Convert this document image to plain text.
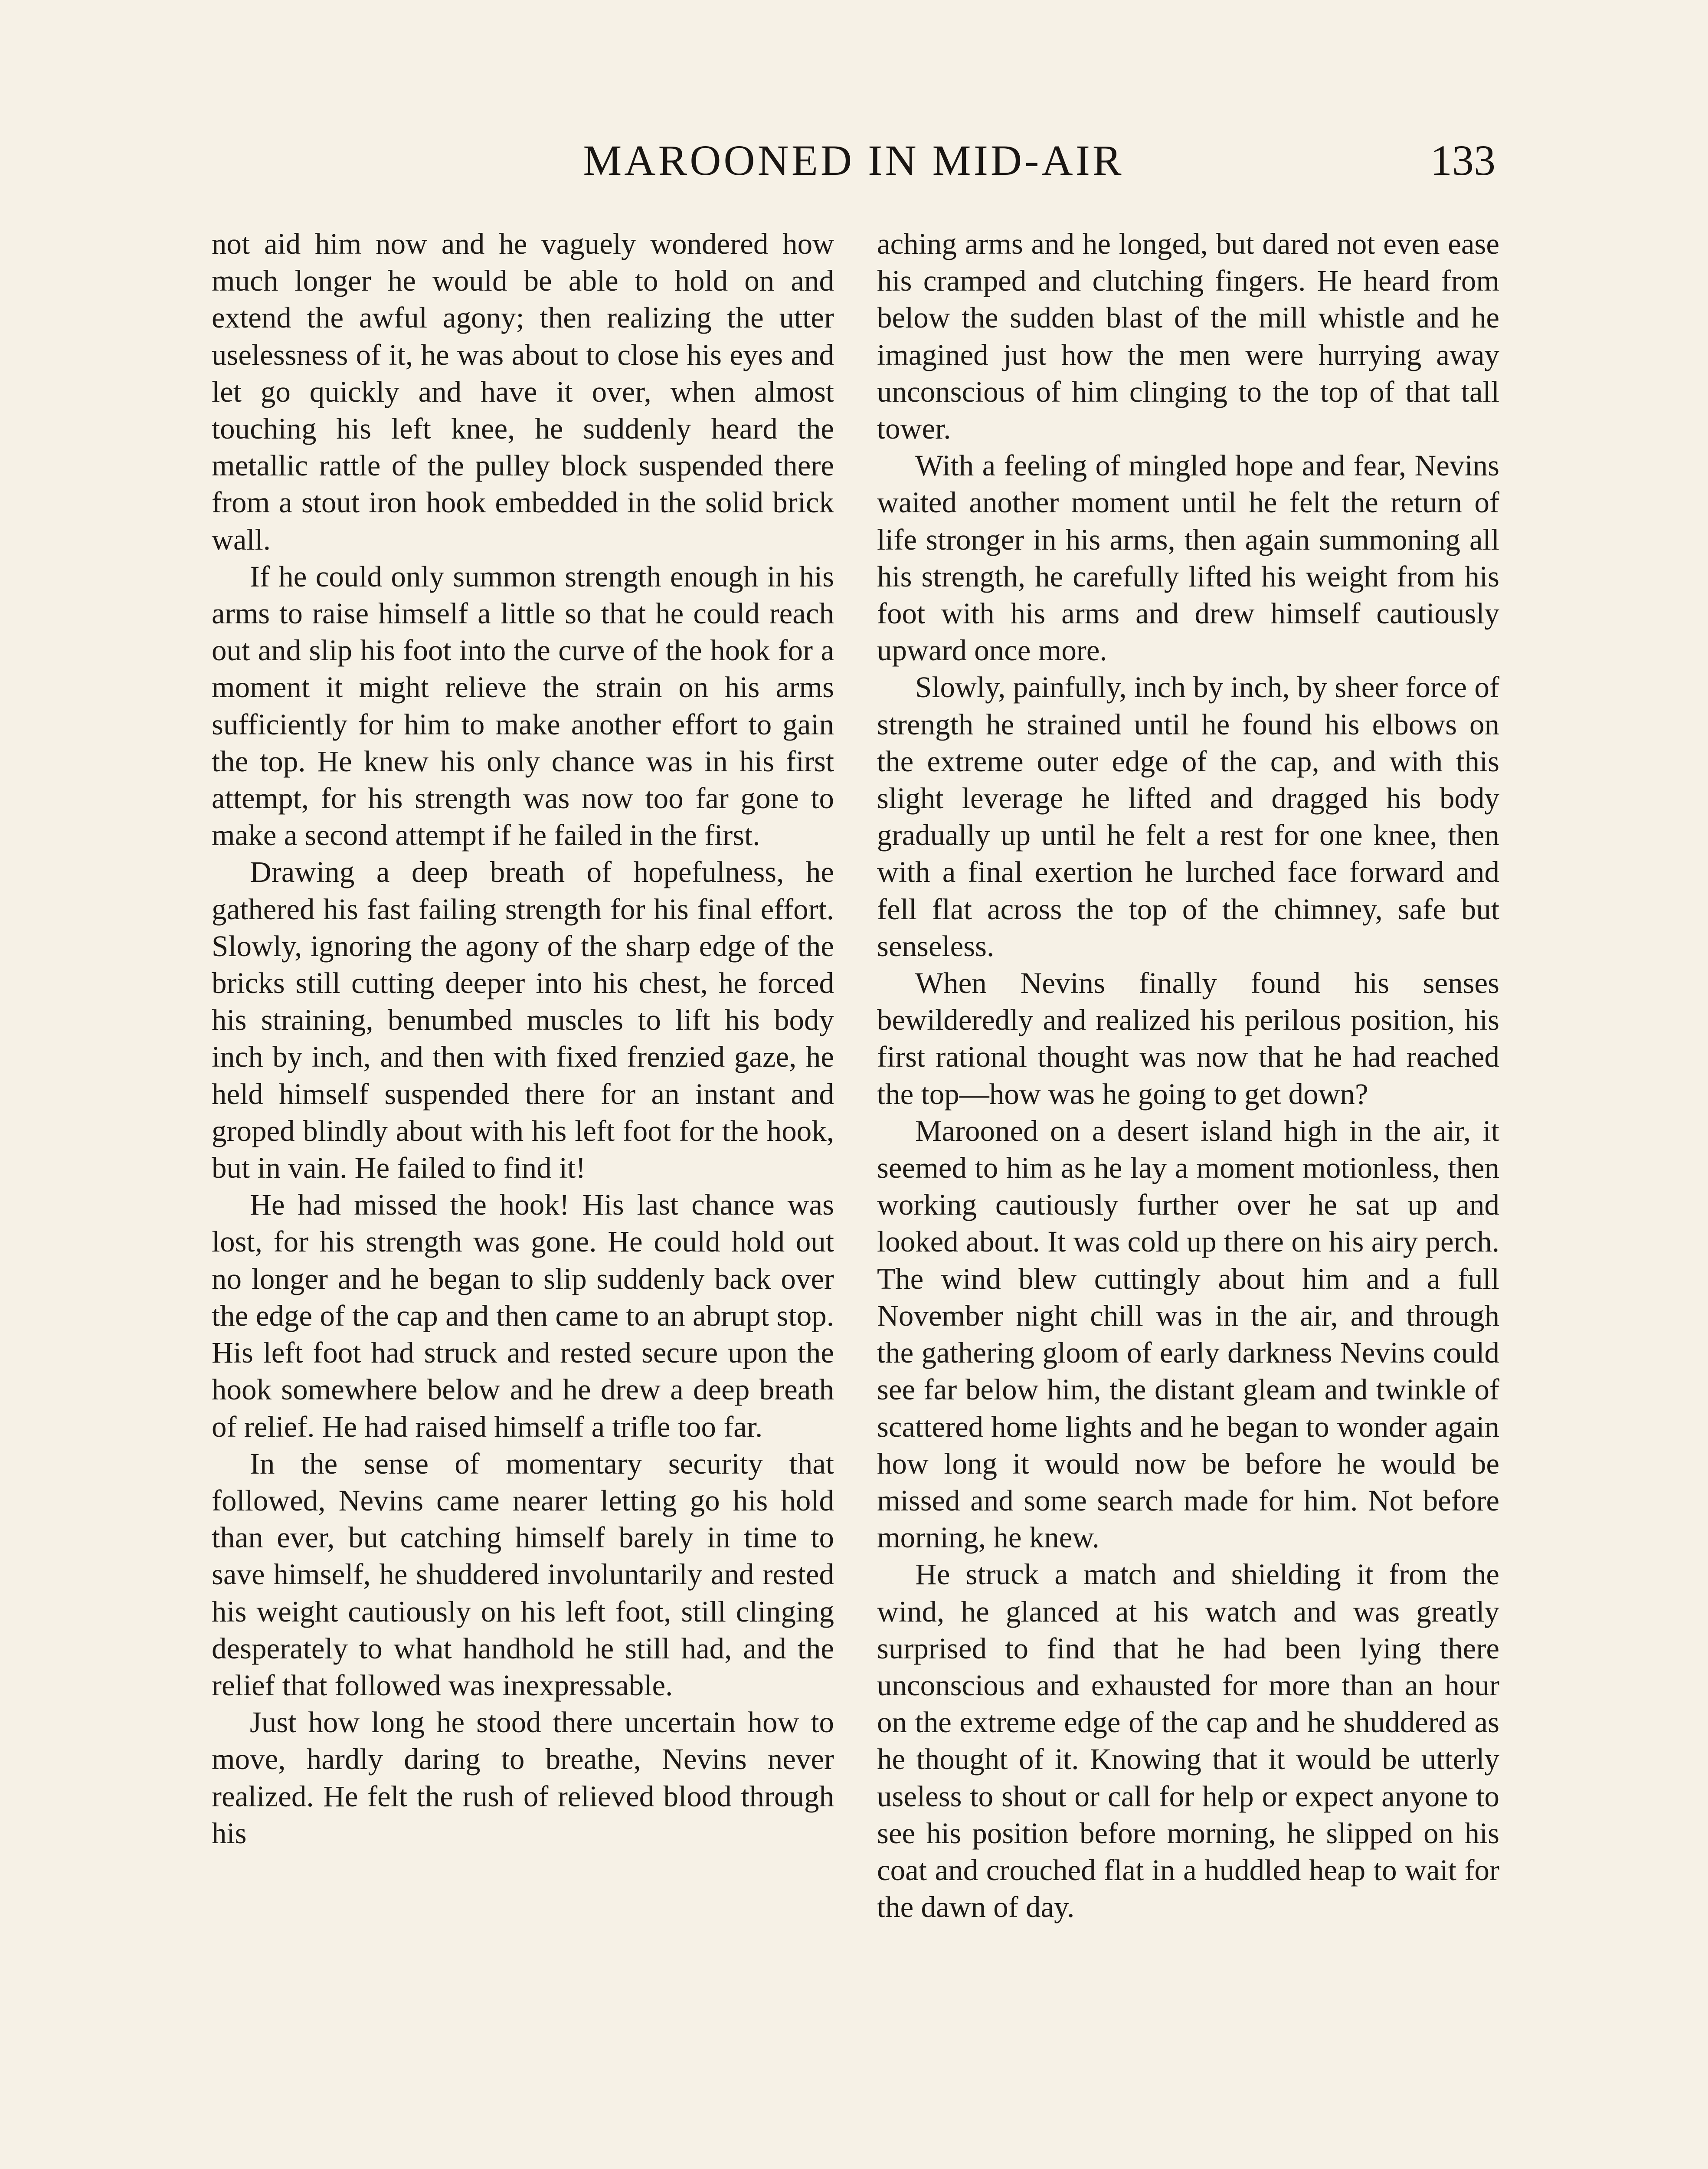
MAROONED IN MID-AIR	133

not aid him now and he vaguely wondered how much longer he would be able to hold on and extend the awful agony; then realizing the utter uselessness of it, he was about to close his eyes and let go quickly and have it over, when almost touching his left knee, he suddenly heard the metallic rattle of the pulley block suspended there from a stout iron hook embedded in the solid brick wall.

If he could only summon strength enough in his arms to raise himself a little so that he could reach out and slip his foot into the curve of the hook for a moment it might relieve the strain on his arms sufficiently for him to make another effort to gain the top. He knew his only chance was in his first attempt, for his strength was now too far gone to make a second attempt if he failed in the first.

Drawing a deep breath of hopefulness, he gathered his fast failing strength for his final effort. Slowly, ignoring the agony of the sharp edge of the bricks still cutting deeper into his chest, he forced his straining, benumbed muscles to lift his body inch by inch, and then with fixed frenzied gaze, he held himself suspended there for an instant and groped blindly about with his left foot for the hook, but in vain. He failed to find it!

He had missed the hook! His last chance was lost, for his strength was gone. He could hold out no longer and he began to slip suddenly back over the edge of the cap and then came to an abrupt stop. His left foot had struck and rested secure upon the hook somewhere below and he drew a deep breath of relief. He had raised himself a trifle too far.

In the sense of momentary security that followed, Nevins came nearer letting go his hold than ever, but catching himself barely in time to save himself, he shuddered involuntarily and rested his weight cautiously on his left foot, still clinging desperately to what handhold he still had, and the relief that followed was inexpressable.

Just how long he stood there uncertain how to move, hardly daring to breathe, Nevins never realized. He felt the rush of relieved blood through his

aching arms and he longed, but dared not even ease his cramped and clutching fingers. He heard from below the sudden blast of the mill whistle and he imagined just how the men were hurrying away unconscious of him clinging to the top of that tall tower.

With a feeling of mingled hope and fear, Nevins waited another moment until he felt the return of life stronger in his arms, then again summoning all his strength, he carefully lifted his weight from his foot with his arms and drew himself cautiously upward once more.

Slowly, painfully, inch by inch, by sheer force of strength he strained until he found his elbows on the extreme outer edge of the cap, and with this slight leverage he lifted and dragged his body gradually up until he felt a rest for one knee, then with a final exertion he lurched face forward and fell flat across the top of the chimney, safe but senseless.

When Nevins finally found his senses bewilderedly and realized his perilous position, his first rational thought was now that he had reached the top—how was he going to get down?

Marooned on a desert island high in the air, it seemed to him as he lay a moment motionless, then working cautiously further over he sat up and looked about. It was cold up there on his airy perch. The wind blew cuttingly about him and a full November night chill was in the air, and through the gathering gloom of early darkness Nevins could see far below him, the distant gleam and twinkle of scattered home lights and he began to wonder again how long it would now be before he would be missed and some search made for him. Not before morning, he knew.

He struck a match and shielding it from the wind, he glanced at his watch and was greatly surprised to find that he had been lying there unconscious and exhausted for more than an hour on the extreme edge of the cap and he shuddered as he thought of it. Knowing that it would be utterly useless to shout or call for help or expect anyone to see his position before morning, he slipped on his coat and crouched flat in a huddled heap to wait for the dawn of day.
